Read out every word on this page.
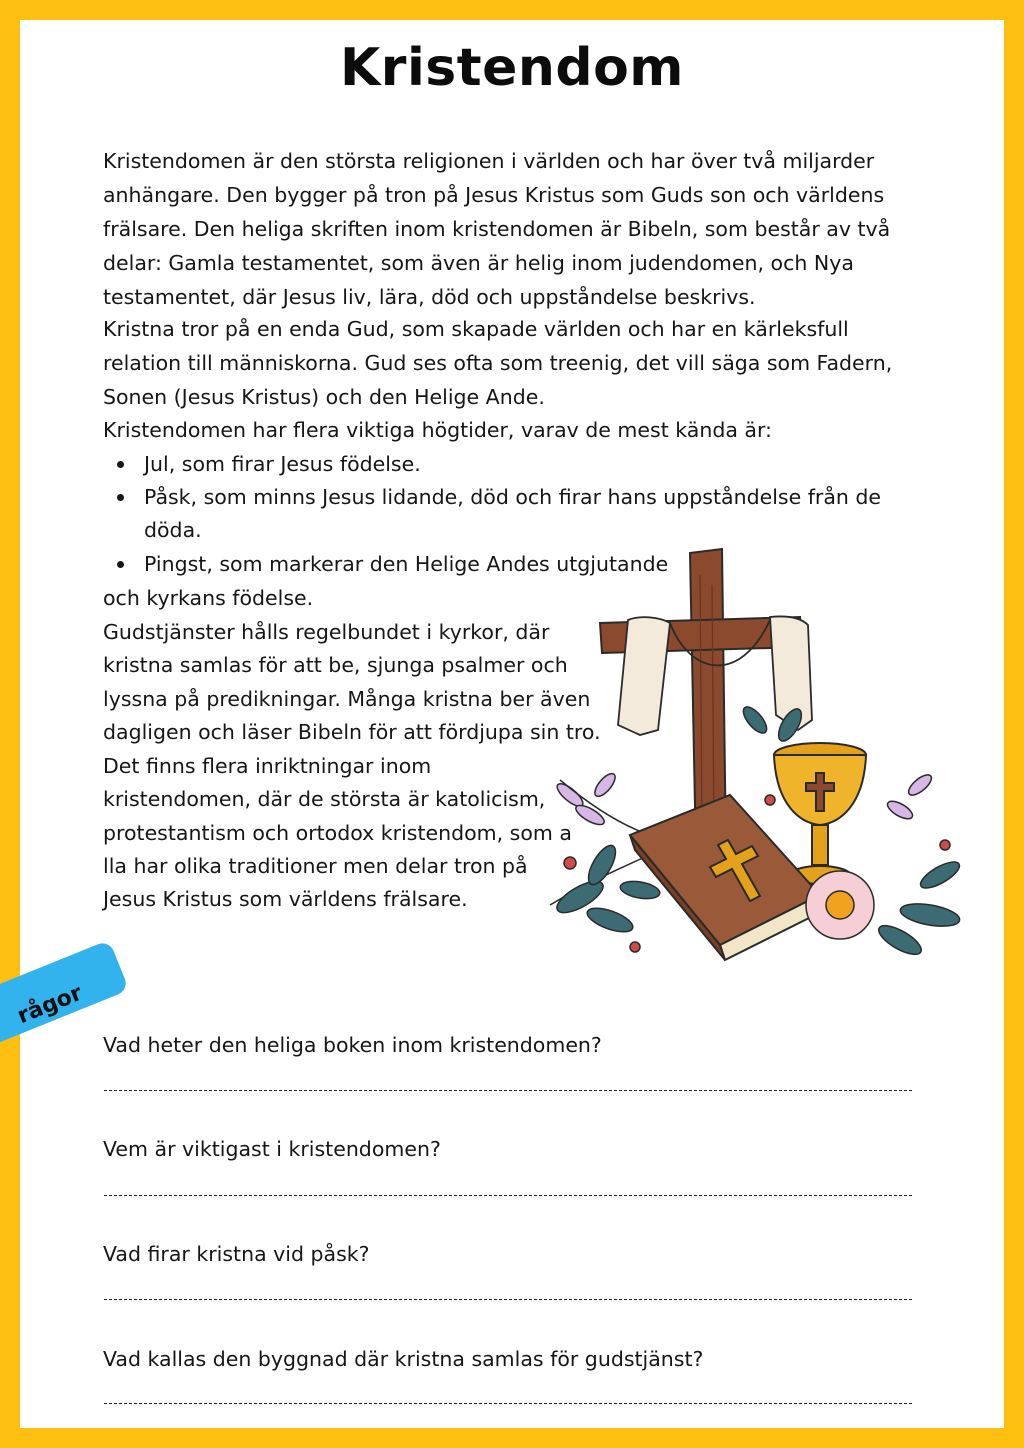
Kristendom
Kristendomen är den största religionen i världen och har över två miljarder
anhängare. Den bygger på tron på Jesus Kristus som Guds son och världens
frälsare. Den heliga skriften inom kristendomen är Bibeln, som består av två
delar: Gamla testamentet, som även är helig inom judendomen, och Nya
testamentet, där Jesus liv, lära, död och uppståndelse beskrivs.
Kristna tror på en enda Gud, som skapade världen och har en kärleksfull
relation till människorna. Gud ses ofta som treenig, det vill säga som Fadern,
Sonen (Jesus Kristus) och den Helige Ande.
Kristendomen har flera viktiga högtider, varav de mest kända är:
Jul, som firar Jesus födelse.
Påsk, som minns Jesus lidande, död och firar hans uppståndelse från de
döda.
Pingst, som markerar den Helige Andes utgjutande
och kyrkans födelse.
Gudstjänster hålls regelbundet i kyrkor, där
kristna samlas för att be, sjunga psalmer och
lyssna på predikningar. Många kristna ber även
dagligen och läser Bibeln för att fördjupa sin tro.
Det finns flera inriktningar inom
kristendomen, där de största är katolicism,
protestantism och ortodox kristendom, som a
lla har olika traditioner men delar tron på
Jesus Kristus som världens frälsare.
rågor
Vad heter den heliga boken inom kristendomen?
Vem är viktigast i kristendomen?
Vad firar kristna vid påsk?
Vad kallas den byggnad där kristna samlas för gudstjänst?
